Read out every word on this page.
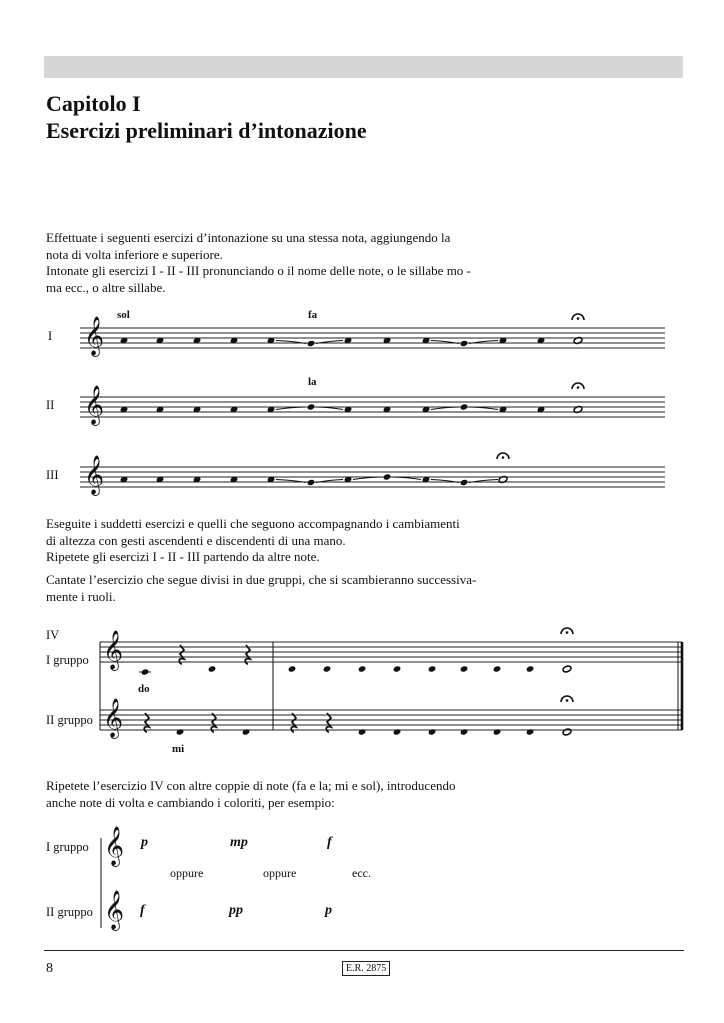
Capitolo I
Esercizi preliminari d’intonazione
Effettuate i seguenti esercizi d’intonazione su una stessa nota, aggiungendo la
nota di volta inferiore e superiore.
Intonate gli esercizi I - II - III pronunciando o il nome delle note, o le sillabe mo -
ma ecc., o altre sillabe.
I
II
III
sol	fa
la
Eseguite i suddetti esercizi e quelli che seguono accompagnando i cambiamenti
di altezza con gesti ascendenti e discendenti di una mano.
Ripetete gli esercizi I - II - III partendo da altre note.
Cantate l’esercizio che segue divisi in due gruppi, che si scambieranno successiva-
mente i ruoli.
IV
I gruppo
II gruppo
do
mi
Ripetete l’esercizio IV con altre coppie di note (fa e la; mi e sol), introducendo
anche note di volta e cambiando i coloriti, per esempio:
I gruppo
II gruppo
p	mp	f
f	pp	p
oppure	oppure	ecc.
𝄞
𝄞
𝄞
𝄞
𝄞
𝄞
𝄞
8	E.R. 2875
